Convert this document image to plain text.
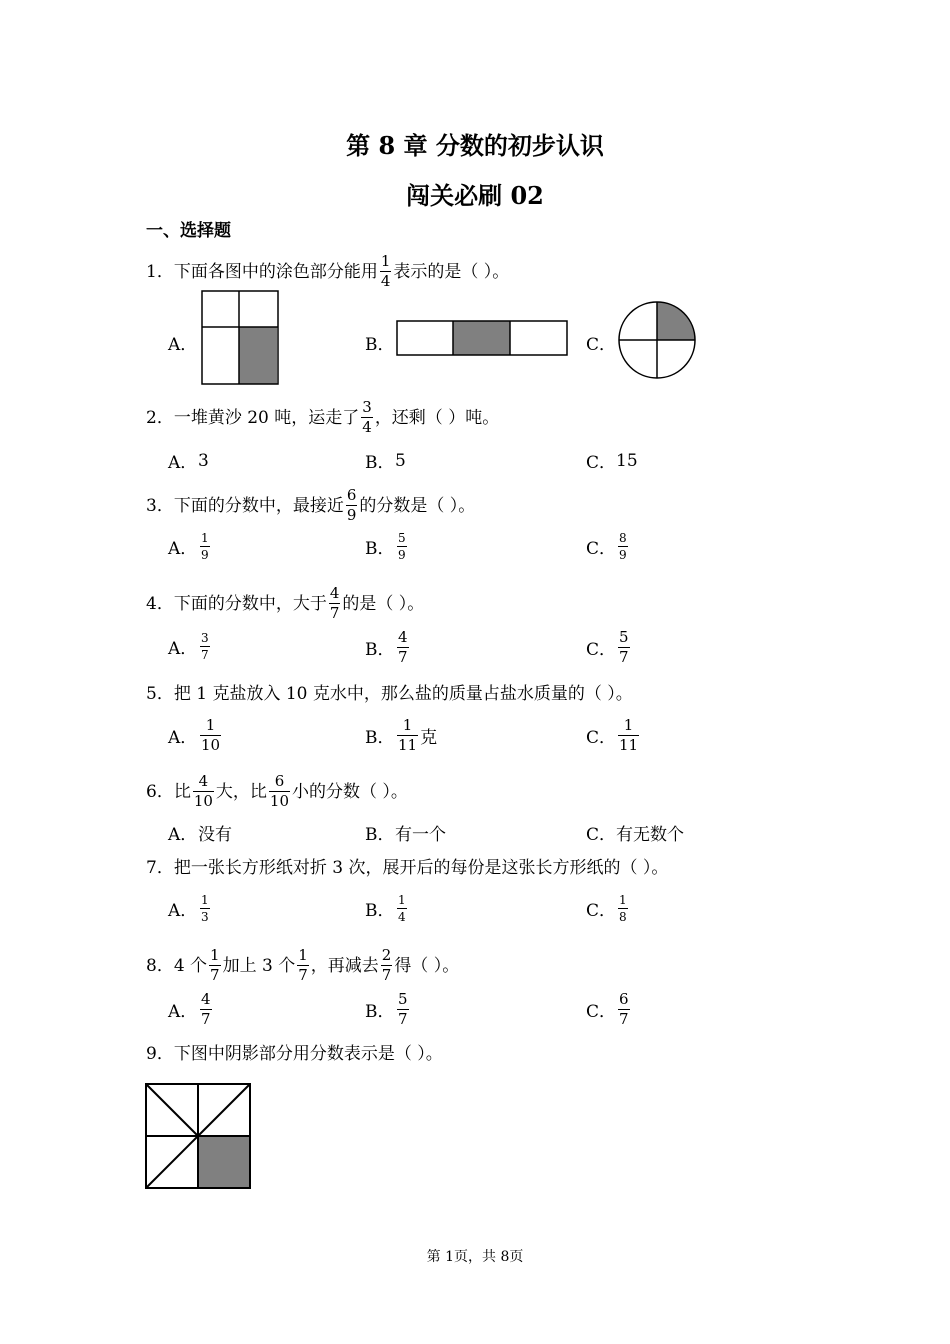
第 8 章 分数的初步认识
闯关必刷 02
一、选择题
1．下面各图中的涂色部分能用 $\frac{1}{4}$ 表示的是（ ）。
A．	B．	C．
2．一堆黄沙 20 吨，运走了 $\frac{3}{4}$ ，还剩（ ）吨。
A． 3	B． 5	C． 15
3．下面的分数中，最接近 $\frac{6}{9}$ 的分数是（ ）。
A． $\frac{1}{9}$	B． $\frac{5}{9}$	C． $\frac{8}{9}$
4．下面的分数中，大于 $\frac{4}{7}$ 的是（ ）。
A． $\frac{3}{7}$	B． $\frac{4}{7}$	C． $\frac{5}{7}$
5．把 1 克盐放入 10 克水中，那么盐的质量占盐水质量的（ ）。
A． $\frac{1}{10}$	B． $\frac{1}{11}$ 克	C． $\frac{1}{11}$
6．比 $\frac{4}{10}$ 大，比 $\frac{6}{10}$ 小的分数（ ）。
A． 没有	B． 有一个	C． 有无数个
7．把一张长方形纸对折 3 次，展开后的每份是这张长方形纸的（ ）。
A． $\frac{1}{3}$	B． $\frac{1}{4}$	C． $\frac{1}{8}$
8．4 个 $\frac{1}{7}$ 加上 3 个 $\frac{1}{7}$ ，再减去 $\frac{2}{7}$ 得（ ）。
A． $\frac{4}{7}$	B． $\frac{5}{7}$	C． $\frac{6}{7}$
9．下图中阴影部分用分数表示是（ ）。
第 1页，共 8页
